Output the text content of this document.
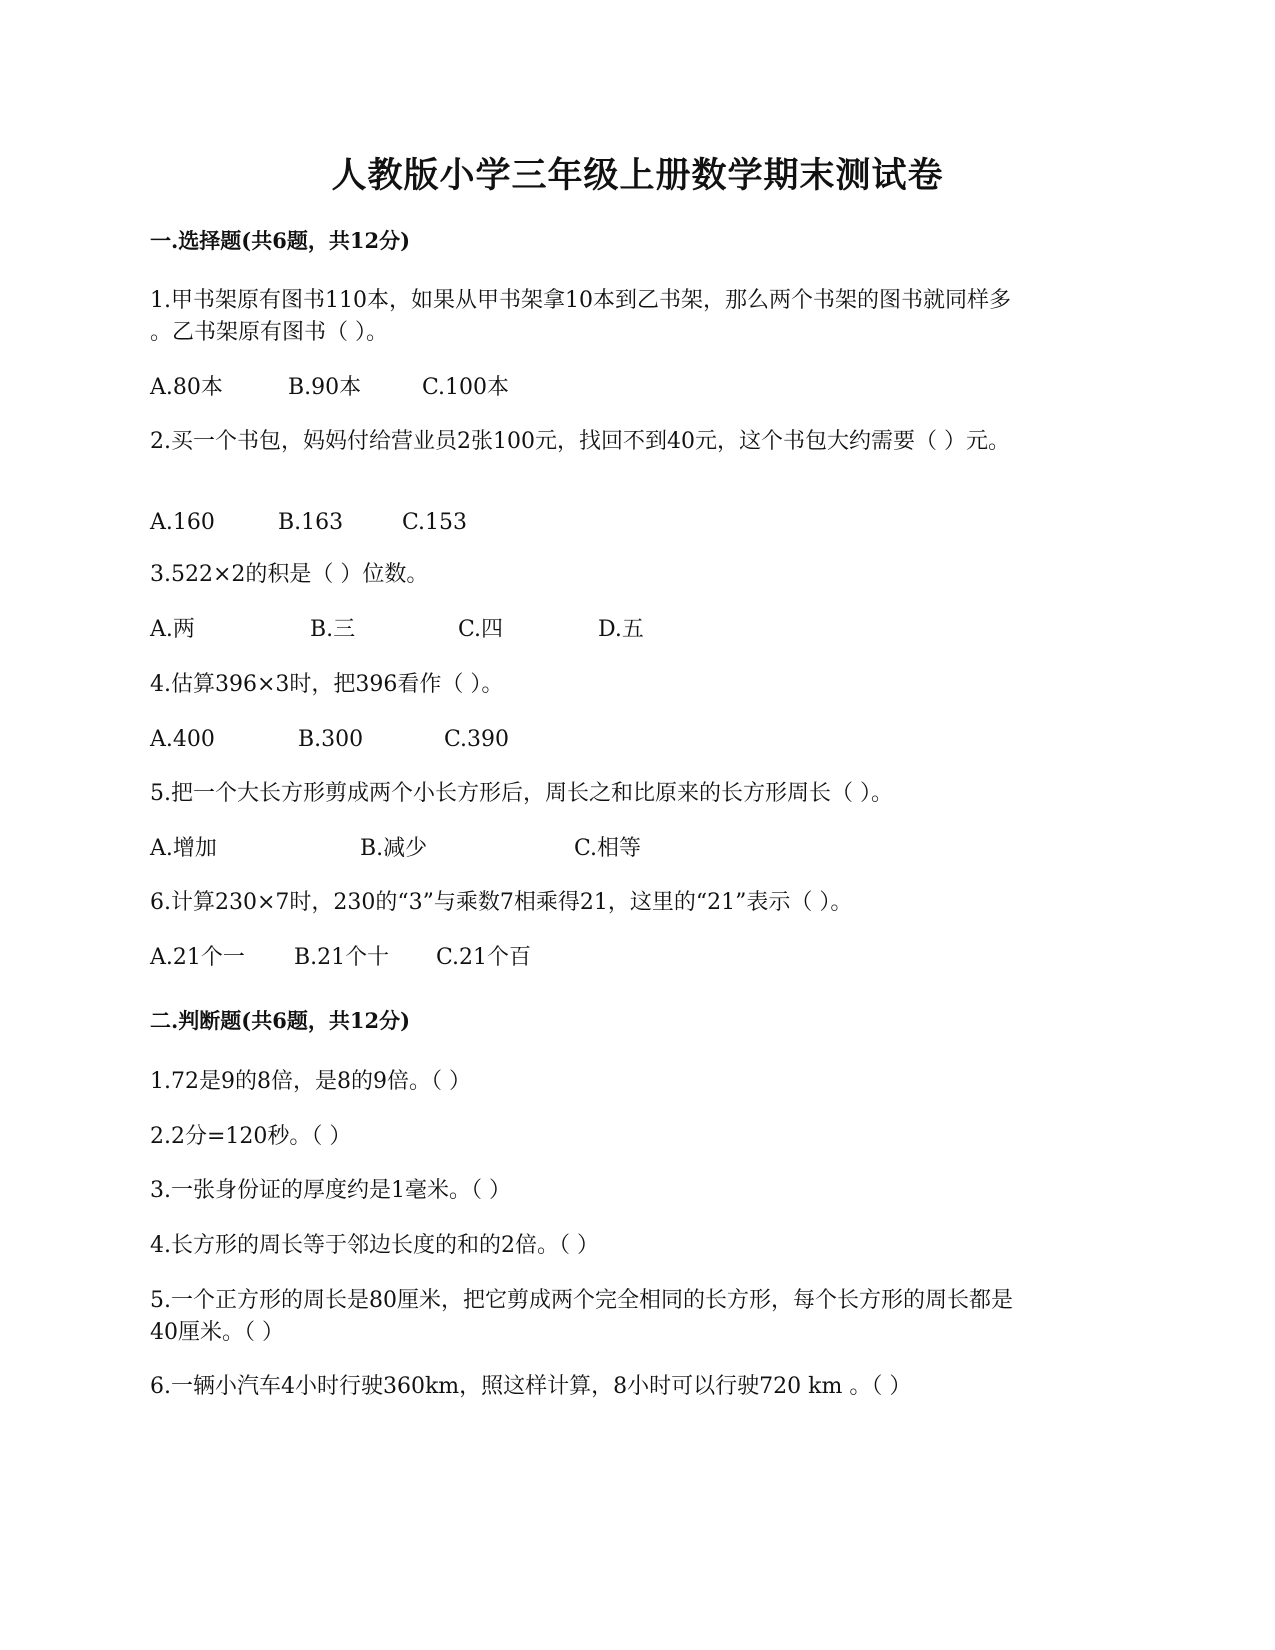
人教版小学三年级上册数学期末测试卷
一.选择题(共6题，共12分)
1.甲书架原有图书110本，如果从甲书架拿10本到乙书架，那么两个书架的图书就同样多
。乙书架原有图书（ ）。
A.80本	B.90本	C.100本
2.买一个书包，妈妈付给营业员2张100元，找回不到40元，这个书包大约需要（ ）元。
A.160	B.163	C.153
3.522×2的积是（ ）位数。
A.两	B.三	C.四	D.五
4.估算396×3时，把396看作（ ）。
A.400	B.300	C.390
5.把一个大长方形剪成两个小长方形后，周长之和比原来的长方形周长（ ）。
A.增加	B.减少	C.相等
6.计算230×7时，230的“3”与乘数7相乘得21，这里的“21”表示（ ）。
A.21个一 B.21个十 C.21个百
二.判断题(共6题，共12分)
1.72是9的8倍，是8的9倍。（ ）
2.2分=120秒。（ ）
3.一张身份证的厚度约是1毫米。（ ）
4.长方形的周长等于邻边长度的和的2倍。（ ）
5.一个正方形的周长是80厘米，把它剪成两个完全相同的长方形，每个长方形的周长都是
40厘米。（ ）
6.一辆小汽车4小时行驶360km，照这样计算，8小时可以行驶720 km 。（ ）
